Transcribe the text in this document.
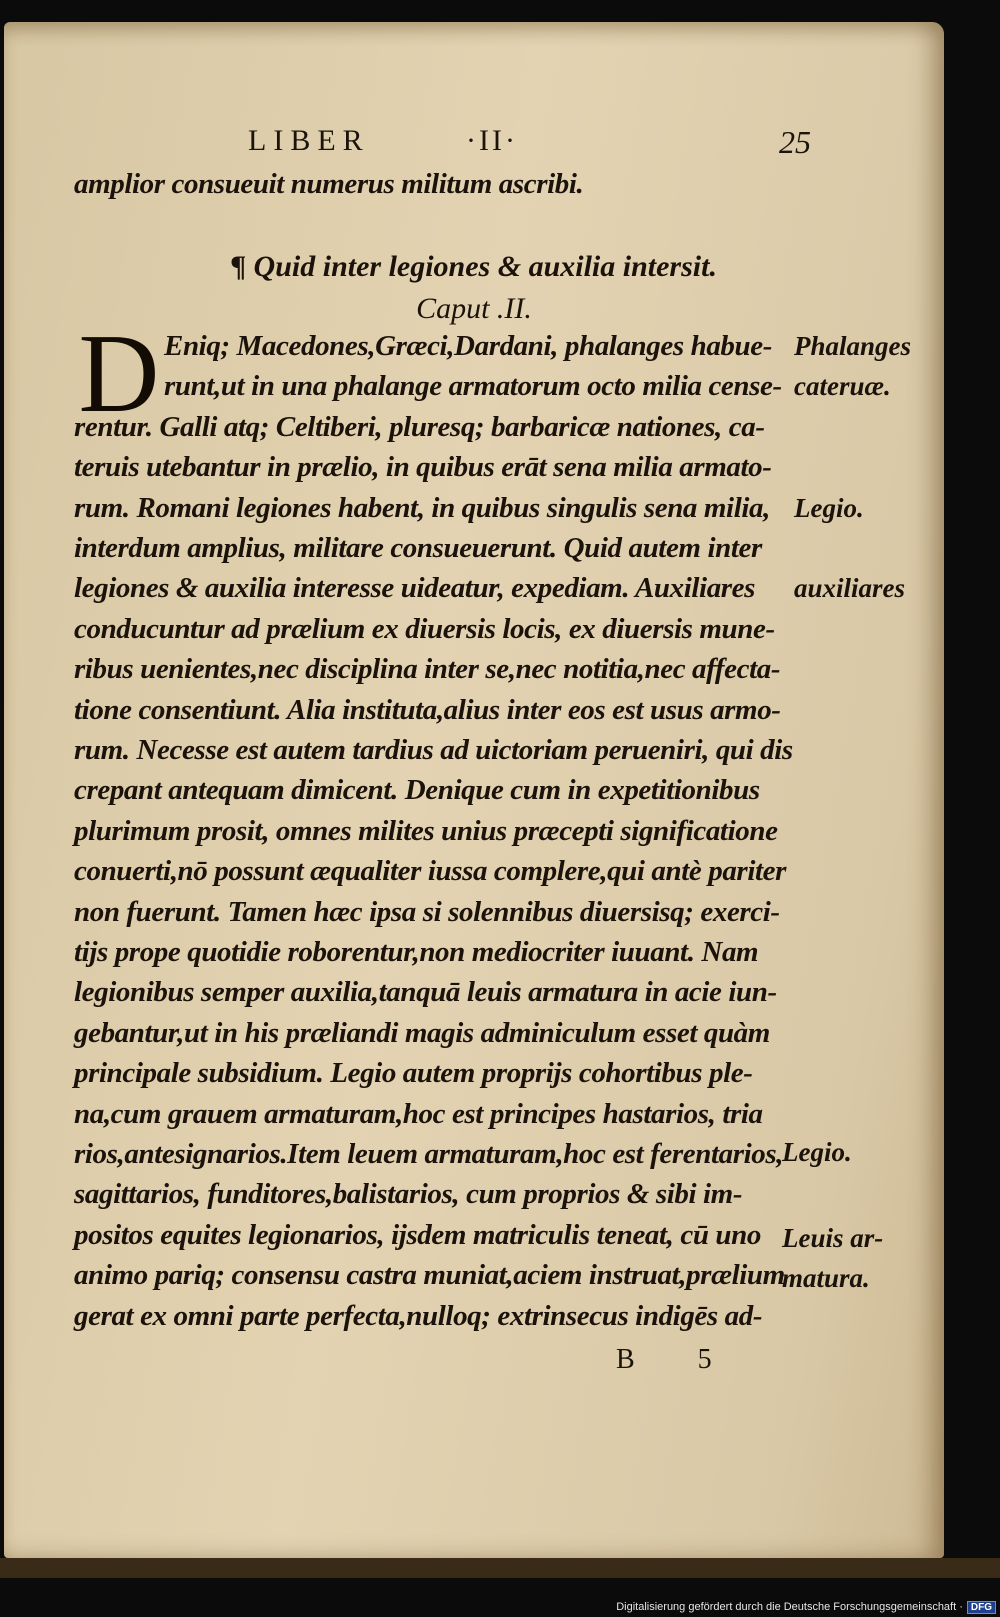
LIBER	·II·	25
amplior consueuit numerus militum ascribi.
¶ Quid inter legiones & auxilia intersit.
Caput .II.
D	Phalanges
cateruæ.
Legio.
auxiliares
Legio.
Leuis ar-
matura.
B 5
Eniq; Macedones,Græci,Dardani, phalanges habue-
runt,ut in una phalange armatorum octo milia cense-
rentur. Galli atq; Celtiberi, pluresq; barbaricæ nationes, ca-
teruis utebantur in prælio, in quibus erāt sena milia armato-
rum. Romani legiones habent, in quibus singulis sena milia,
interdum amplius, militare consueuerunt. Quid autem inter
legiones & auxilia interesse uideatur, expediam. Auxiliares
conducuntur ad prælium ex diuersis locis, ex diuersis mune-
ribus uenientes,nec disciplina inter se,nec notitia,nec affecta-
tione consentiunt. Alia instituta,alius inter eos est usus armo-
rum. Necesse est autem tardius ad uictoriam perueniri, qui dis
crepant antequam dimicent. Denique cum in expetitionibus
plurimum prosit, omnes milites unius præcepti significatione
conuerti,nō possunt æqualiter iussa complere,qui antè pariter
non fuerunt. Tamen hæc ipsa si solennibus diuersisq; exerci-
tijs prope quotidie roborentur,non mediocriter iuuant. Nam
legionibus semper auxilia,tanquā leuis armatura in acie iun-
gebantur,ut in his præliandi magis adminiculum esset quàm
principale subsidium. Legio autem proprijs cohortibus ple-
na,cum grauem armaturam,hoc est principes hastarios, tria
rios,antesignarios.Item leuem armaturam,hoc est ferentarios,
sagittarios, funditores,balistarios, cum proprios & sibi im-
positos equites legionarios, ijsdem matriculis teneat, cū uno
animo pariq; consensu castra muniat,aciem instruat,prælium
gerat ex omni parte perfecta,nulloq; extrinsecus indigēs ad-
Digitalisierung gefördert durch die Deutsche Forschungsgemeinschaft · DFG
